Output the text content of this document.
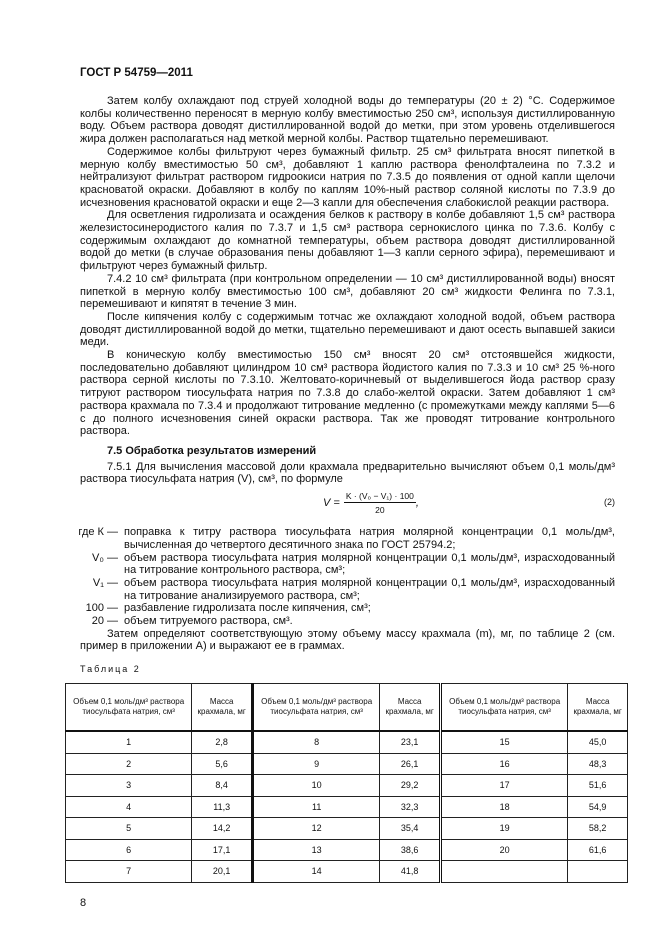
ГОСТ Р 54759—2011

Затем колбу охлаждают под струей холодной воды до температуры (20 ± 2) °С. Содержимое колбы количественно переносят в мерную колбу вместимостью 250 см³, используя дистиллированную воду. Объем раствора доводят дистиллированной водой до метки, при этом уровень отделившегося жира должен располагаться над меткой мерной колбы. Раствор тщательно перемешивают.

Содержимое колбы фильтруют через бумажный фильтр. 25 см³ фильтрата вносят пипеткой в мерную колбу вместимостью 50 см³, добавляют 1 каплю раствора фенолфталеина по 7.3.2 и нейтрализуют фильтрат раствором гидроокиси натрия по 7.3.5 до появления от одной капли щелочи красноватой окраски. Добавляют в колбу по каплям 10%-ный раствор соляной кислоты по 7.3.9 до исчезновения красноватой окраски и еще 2—3 капли для обеспечения слабокислой реакции раствора.

Для осветления гидролизата и осаждения белков к раствору в колбе добавляют 1,5 см³ раствора железистосинеродистого калия по 7.3.7 и 1,5 см³ раствора сернокислого цинка по 7.3.6. Колбу с содержимым охлаждают до комнатной температуры, объем раствора доводят дистиллированной водой до метки (в случае образования пены добавляют 1—3 капли серного эфира), перемешивают и фильтруют через бумажный фильтр.

7.4.2 10 см³ фильтрата (при контрольном определении — 10 см³ дистиллированной воды) вносят пипеткой в мерную колбу вместимостью 100 см³, добавляют 20 см³ жидкости Фелинга по 7.3.1, перемешивают и кипятят в течение 3 мин.

После кипячения колбу с содержимым тотчас же охлаждают холодной водой, объем раствора доводят дистиллированной водой до метки, тщательно перемешивают и дают осесть выпавшей закиси меди.

В коническую колбу вместимостью 150 см³ вносят 20 см³ отстоявшейся жидкости, последовательно добавляют цилиндром 10 см³ раствора йодистого калия по 7.3.3 и 10 см³ 25 %-ного раствора серной кислоты по 7.3.10. Желтовато-коричневый от выделившегося йода раствор сразу титруют раствором тиосульфата натрия по 7.3.8 до слабо-желтой окраски. Затем добавляют 1 см³ раствора крахмала по 7.3.4 и продолжают титрование медленно (с промежутками между каплями 5—6 с до полного исчезновения синей окраски раствора. Так же проводят титрование контрольного раствора.

7.5 Обработка результатов измерений

7.5.1 Для вычисления массовой доли крахмала предварительно вычисляют объем 0,1 моль/дм³ раствора тиосульфата натрия (V), см³, по формуле

$V = \frac{\text{K · (V₀ − V₁) · 100}}{20}$ ,	(2)
где К — поправка к титру раствора тиосульфата натрия молярной концентрации 0,1 моль/дм³, вычисленная до четвертого десятичного знака по ГОСТ 25794.2;
V₀ — объем раствора тиосульфата натрия молярной концентрации 0,1 моль/дм³, израсходованный на титрование контрольного раствора, см³;
V₁ — объем раствора тиосульфата натрия молярной концентрации 0,1 моль/дм³, израсходованный на титрование анализируемого раствора, см³;
100 — разбавление гидролизата после кипячения, см³;
20 — объем титруемого раствора, см³.

Затем определяют соответствующую этому объему массу крахмала (m), мг, по таблице 2 (см. пример в приложении А) и выражают ее в граммах.

Таблица 2
Объем 0,1 моль/дм³ раствора тиосульфата натрия, см³	Масса крахмала, мг	Объем 0,1 моль/дм³ раствора тиосульфата натрия, см³	Масса крахмала, мг	Объем 0,1 моль/дм³ раствора тиосульфата натрия, см³	Масса крахмала, мг
1	2,8	8	23,1	15	45,0
2	5,6	9	26,1	16	48,3
3	8,4	10	29,2	17	51,6
4	11,3	11	32,3	18	54,9
5	14,2	12	35,4	19	58,2
6	17,1	13	38,6	20	61,6
7	20,1	14	41,8		
8
